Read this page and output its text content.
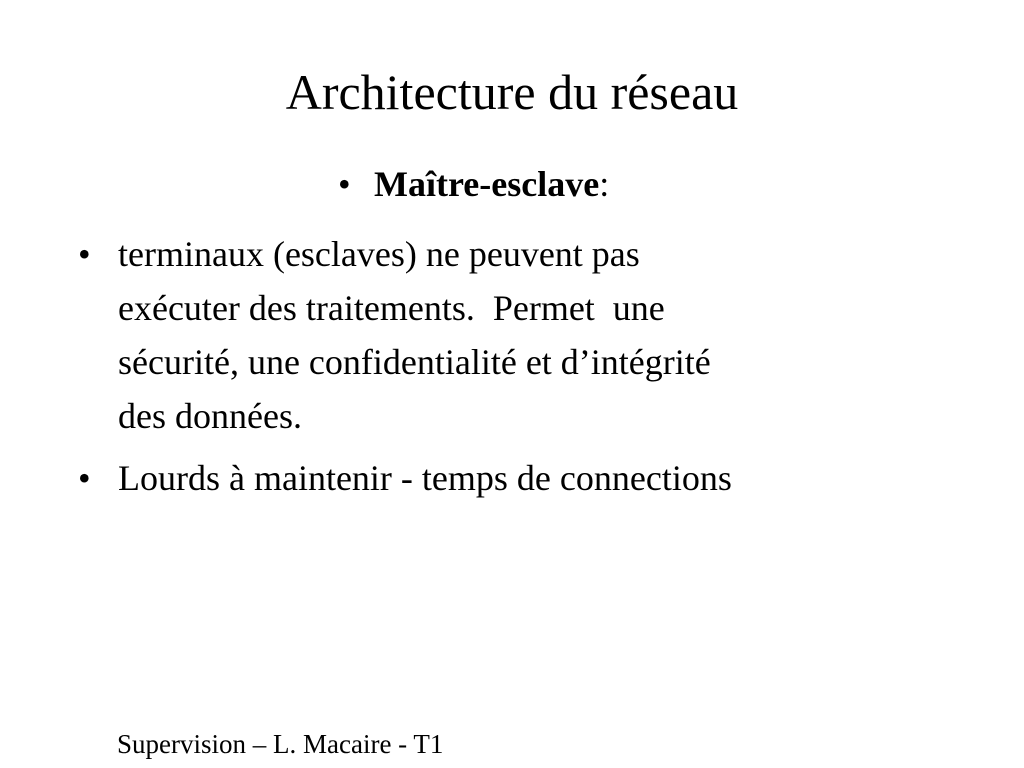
Architecture du réseau
• Maître-esclave:
• terminaux (esclaves) ne peuvent pas
exécuter des traitements.  Permet  une
sécurité, une confidentialité et d’intégrité
des données.
• Lourds à maintenir - temps de connections
Supervision – L. Macaire - T1
